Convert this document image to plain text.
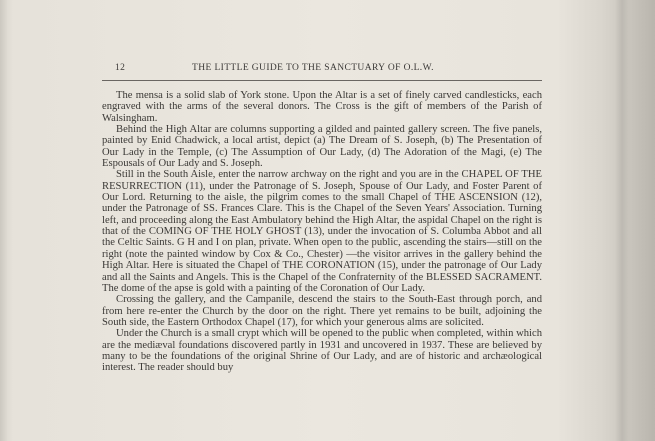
12	THE LITTLE GUIDE TO THE SANCTUARY OF O.L.W.

The mensa is a solid slab of York stone. Upon the Altar is a set of finely carved candlesticks, each engraved with the arms of the several donors. The Cross is the gift of members of the Parish of Walsingham.

Behind the High Altar are columns supporting a gilded and painted gallery screen. The five panels, painted by Enid Chadwick, a local artist, depict (a) The Dream of S. Joseph, (b) The Presentation of Our Lady in the Temple, (c) The Assumption of Our Lady, (d) The Adoration of the Magi, (e) The Espousals of Our Lady and S. Joseph.

Still in the South Aisle, enter the narrow archway on the right and you are in the CHAPEL OF THE RESURRECTION (11), under the Patronage of S. Joseph, Spouse of Our Lady, and Foster Parent of Our Lord. Returning to the aisle, the pilgrim comes to the small Chapel of THE ASCENSION (12), under the Patronage of SS. Frances Clare. This is the Chapel of the Seven Years' Association. Turning left, and proceeding along the East Ambulatory behind the High Altar, the aspidal Chapel on the right is that of the COMING OF THE HOLY GHOST (13), under the invocation of S. Columba Abbot and all the Celtic Saints. G H and I on plan, private. When open to the public, ascending the stairs—still on the right (note the painted window by Cox & Co., Chester) —the visitor arrives in the gallery behind the High Altar. Here is situated the Chapel of THE CORONATION (15), under the patronage of Our Lady and all the Saints and Angels. This is the Chapel of the Confraternity of the BLESSED SACRAMENT. The dome of the apse is gold with a painting of the Coronation of Our Lady.

Crossing the gallery, and the Campanile, descend the stairs to the South-East through porch, and from here re-enter the Church by the door on the right. There yet remains to be built, adjoining the South side, the Eastern Orthodox Chapel (17), for which your generous alms are solicited.

Under the Church is a small crypt which will be opened to the public when completed, within which are the mediæval foundations discovered partly in 1931 and uncovered in 1937. These are believed by many to be the foundations of the original Shrine of Our Lady, and are of historic and archæological interest. The reader should buy
